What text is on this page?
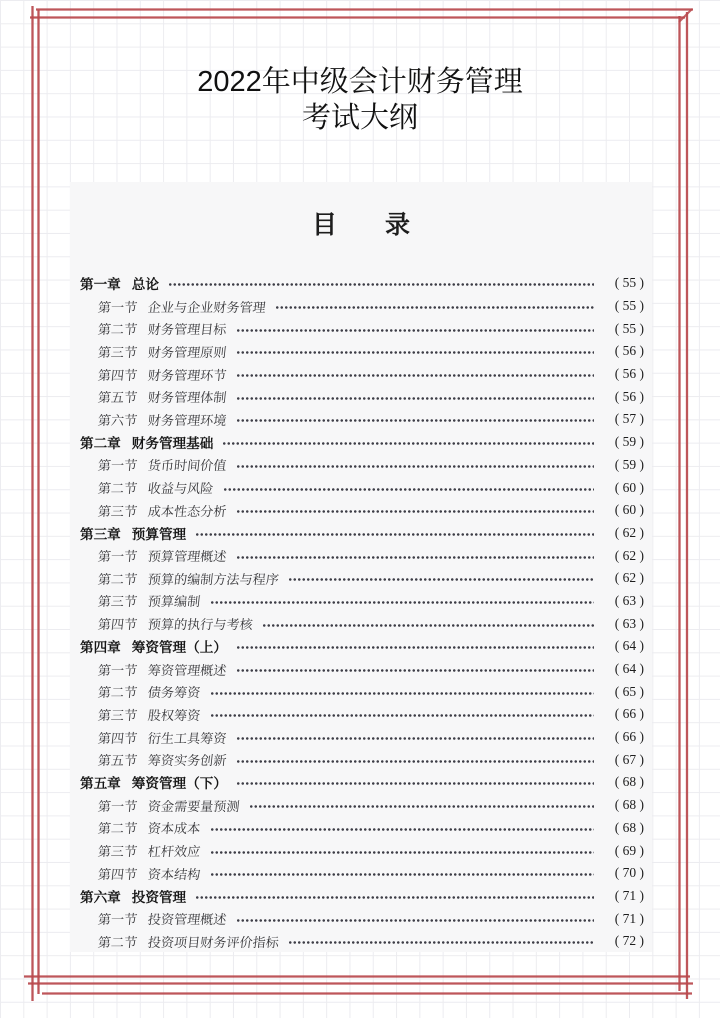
2022年中级会计财务管理
考试大纲
目 录
第一章 总论	( 55 )
第一节 企业与企业财务管理	( 55 )
第二节 财务管理目标	( 55 )
第三节 财务管理原则	( 56 )
第四节 财务管理环节	( 56 )
第五节 财务管理体制	( 56 )
第六节 财务管理环境	( 57 )
第二章 财务管理基础	( 59 )
第一节 货币时间价值	( 59 )
第二节 收益与风险	( 60 )
第三节 成本性态分析	( 60 )
第三章 预算管理	( 62 )
第一节 预算管理概述	( 62 )
第二节 预算的编制方法与程序	( 62 )
第三节 预算编制	( 63 )
第四节 预算的执行与考核	( 63 )
第四章 筹资管理（上）	( 64 )
第一节 筹资管理概述	( 64 )
第二节 债务筹资	( 65 )
第三节 股权筹资	( 66 )
第四节 衍生工具筹资	( 66 )
第五节 筹资实务创新	( 67 )
第五章 筹资管理（下）	( 68 )
第一节 资金需要量预测	( 68 )
第二节 资本成本	( 68 )
第三节 杠杆效应	( 69 )
第四节 资本结构	( 70 )
第六章 投资管理	( 71 )
第一节 投资管理概述	( 71 )
第二节 投资项目财务评价指标	( 72 )
